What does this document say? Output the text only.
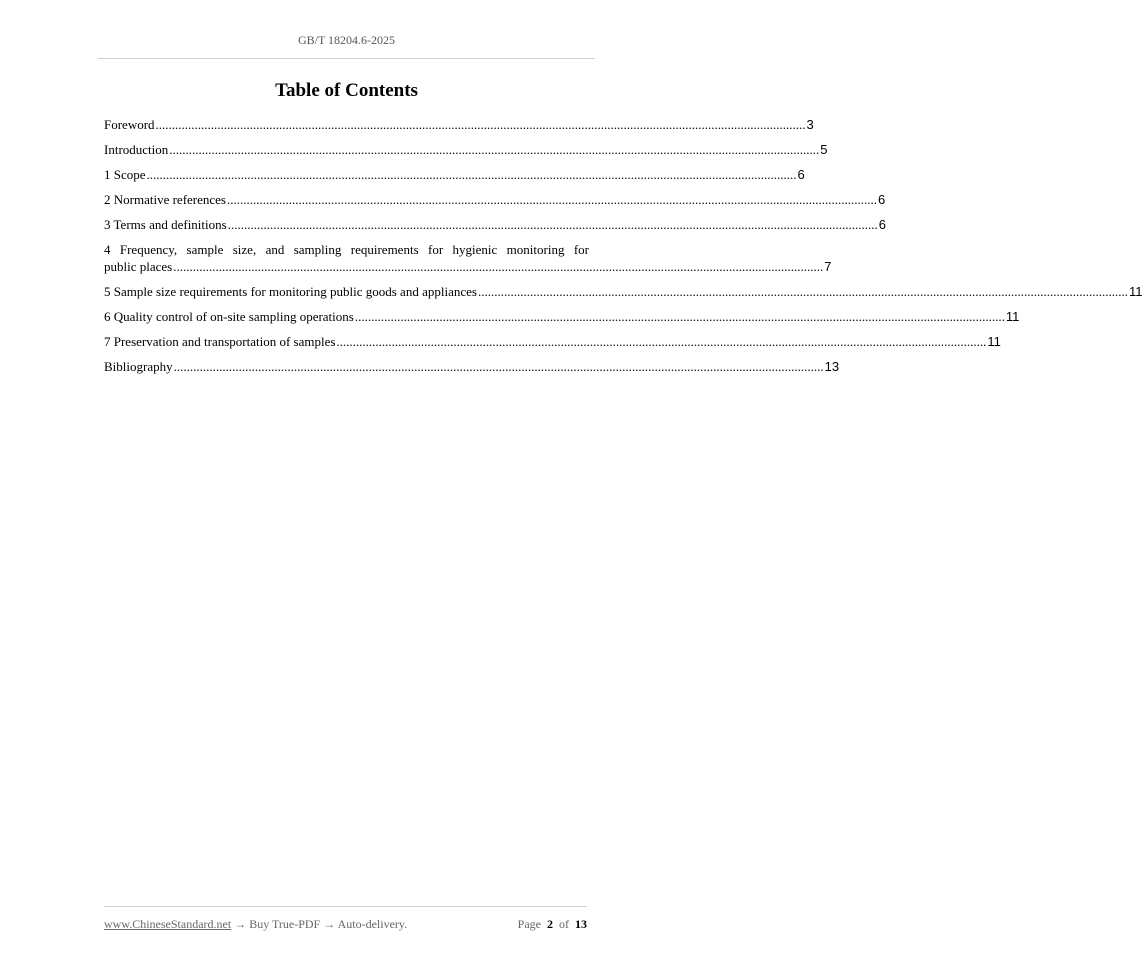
GB/T 18204.6-2025
Table of Contents
Foreword ........................................................................................................................................................................................................ 3
Introduction ........................................................................................................................................................................................................ 5
1 Scope ........................................................................................................................................................................................................ 6
2 Normative references ........................................................................................................................................................................................................ 6
3 Terms and definitions ........................................................................................................................................................................................................ 6
4 Frequency, sample size, and sampling requirements for hygienic monitoring for
public places ........................................................................................................................................................................................................ 7
5 Sample size requirements for monitoring public goods and appliances ........................................................................................................................................................................................................ 11
6 Quality control of on-site sampling operations ........................................................................................................................................................................................................ 11
7 Preservation and transportation of samples ........................................................................................................................................................................................................ 11
Bibliography ........................................................................................................................................................................................................ 13
www.ChineseStandard.net → Buy True-PDF → Auto-delivery.	Page 2 of 13
